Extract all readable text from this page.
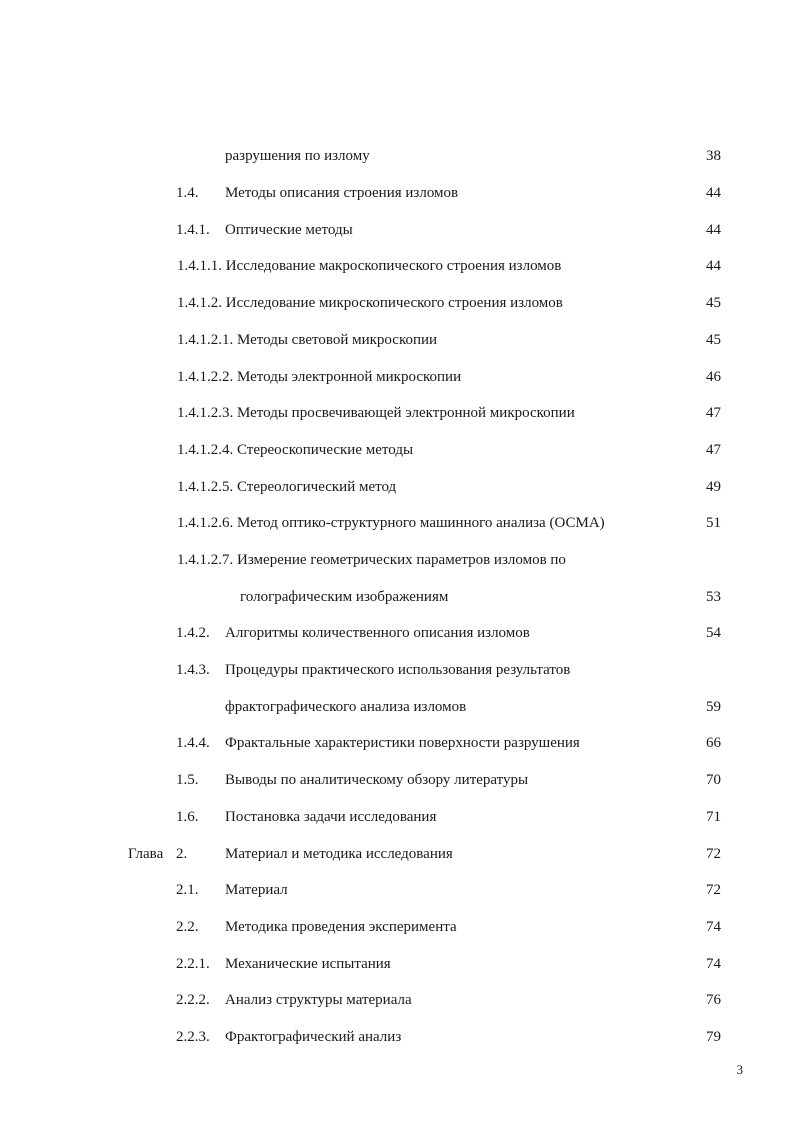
разрушения по излому	38
1.4. Методы описания строения изломов	44
1.4.1. Оптические методы	44
1.4.1.1. Исследование макроскопического строения изломов	44
1.4.1.2. Исследование микроскопического строения изломов	45
1.4.1.2.1. Методы световой микроскопии	45
1.4.1.2.2. Методы электронной микроскопии	46
1.4.1.2.3. Методы просвечивающей электронной микроскопии	47
1.4.1.2.4. Стереоскопические методы	47
1.4.1.2.5. Стереологический метод	49
1.4.1.2.6. Метод оптико-структурного машинного анализа (ОСМА)	51
1.4.1.2.7. Измерение геометрических параметров изломов по
голографическим изображениям	53
1.4.2. Алгоритмы количественного описания изломов	54
1.4.3. Процедуры практического использования результатов
фрактографического анализа изломов	59
1.4.4. Фрактальные характеристики поверхности разрушения	66
1.5. Выводы по аналитическому обзору литературы	70
1.6. Постановка задачи исследования	71
Глава 2.	Материал и методика исследования	72
2.1. Материал	72
2.2. Методика проведения эксперимента	74
2.2.1. Механические испытания	74
2.2.2. Анализ структуры материала	76
2.2.3. Фрактографический анализ	79
3
